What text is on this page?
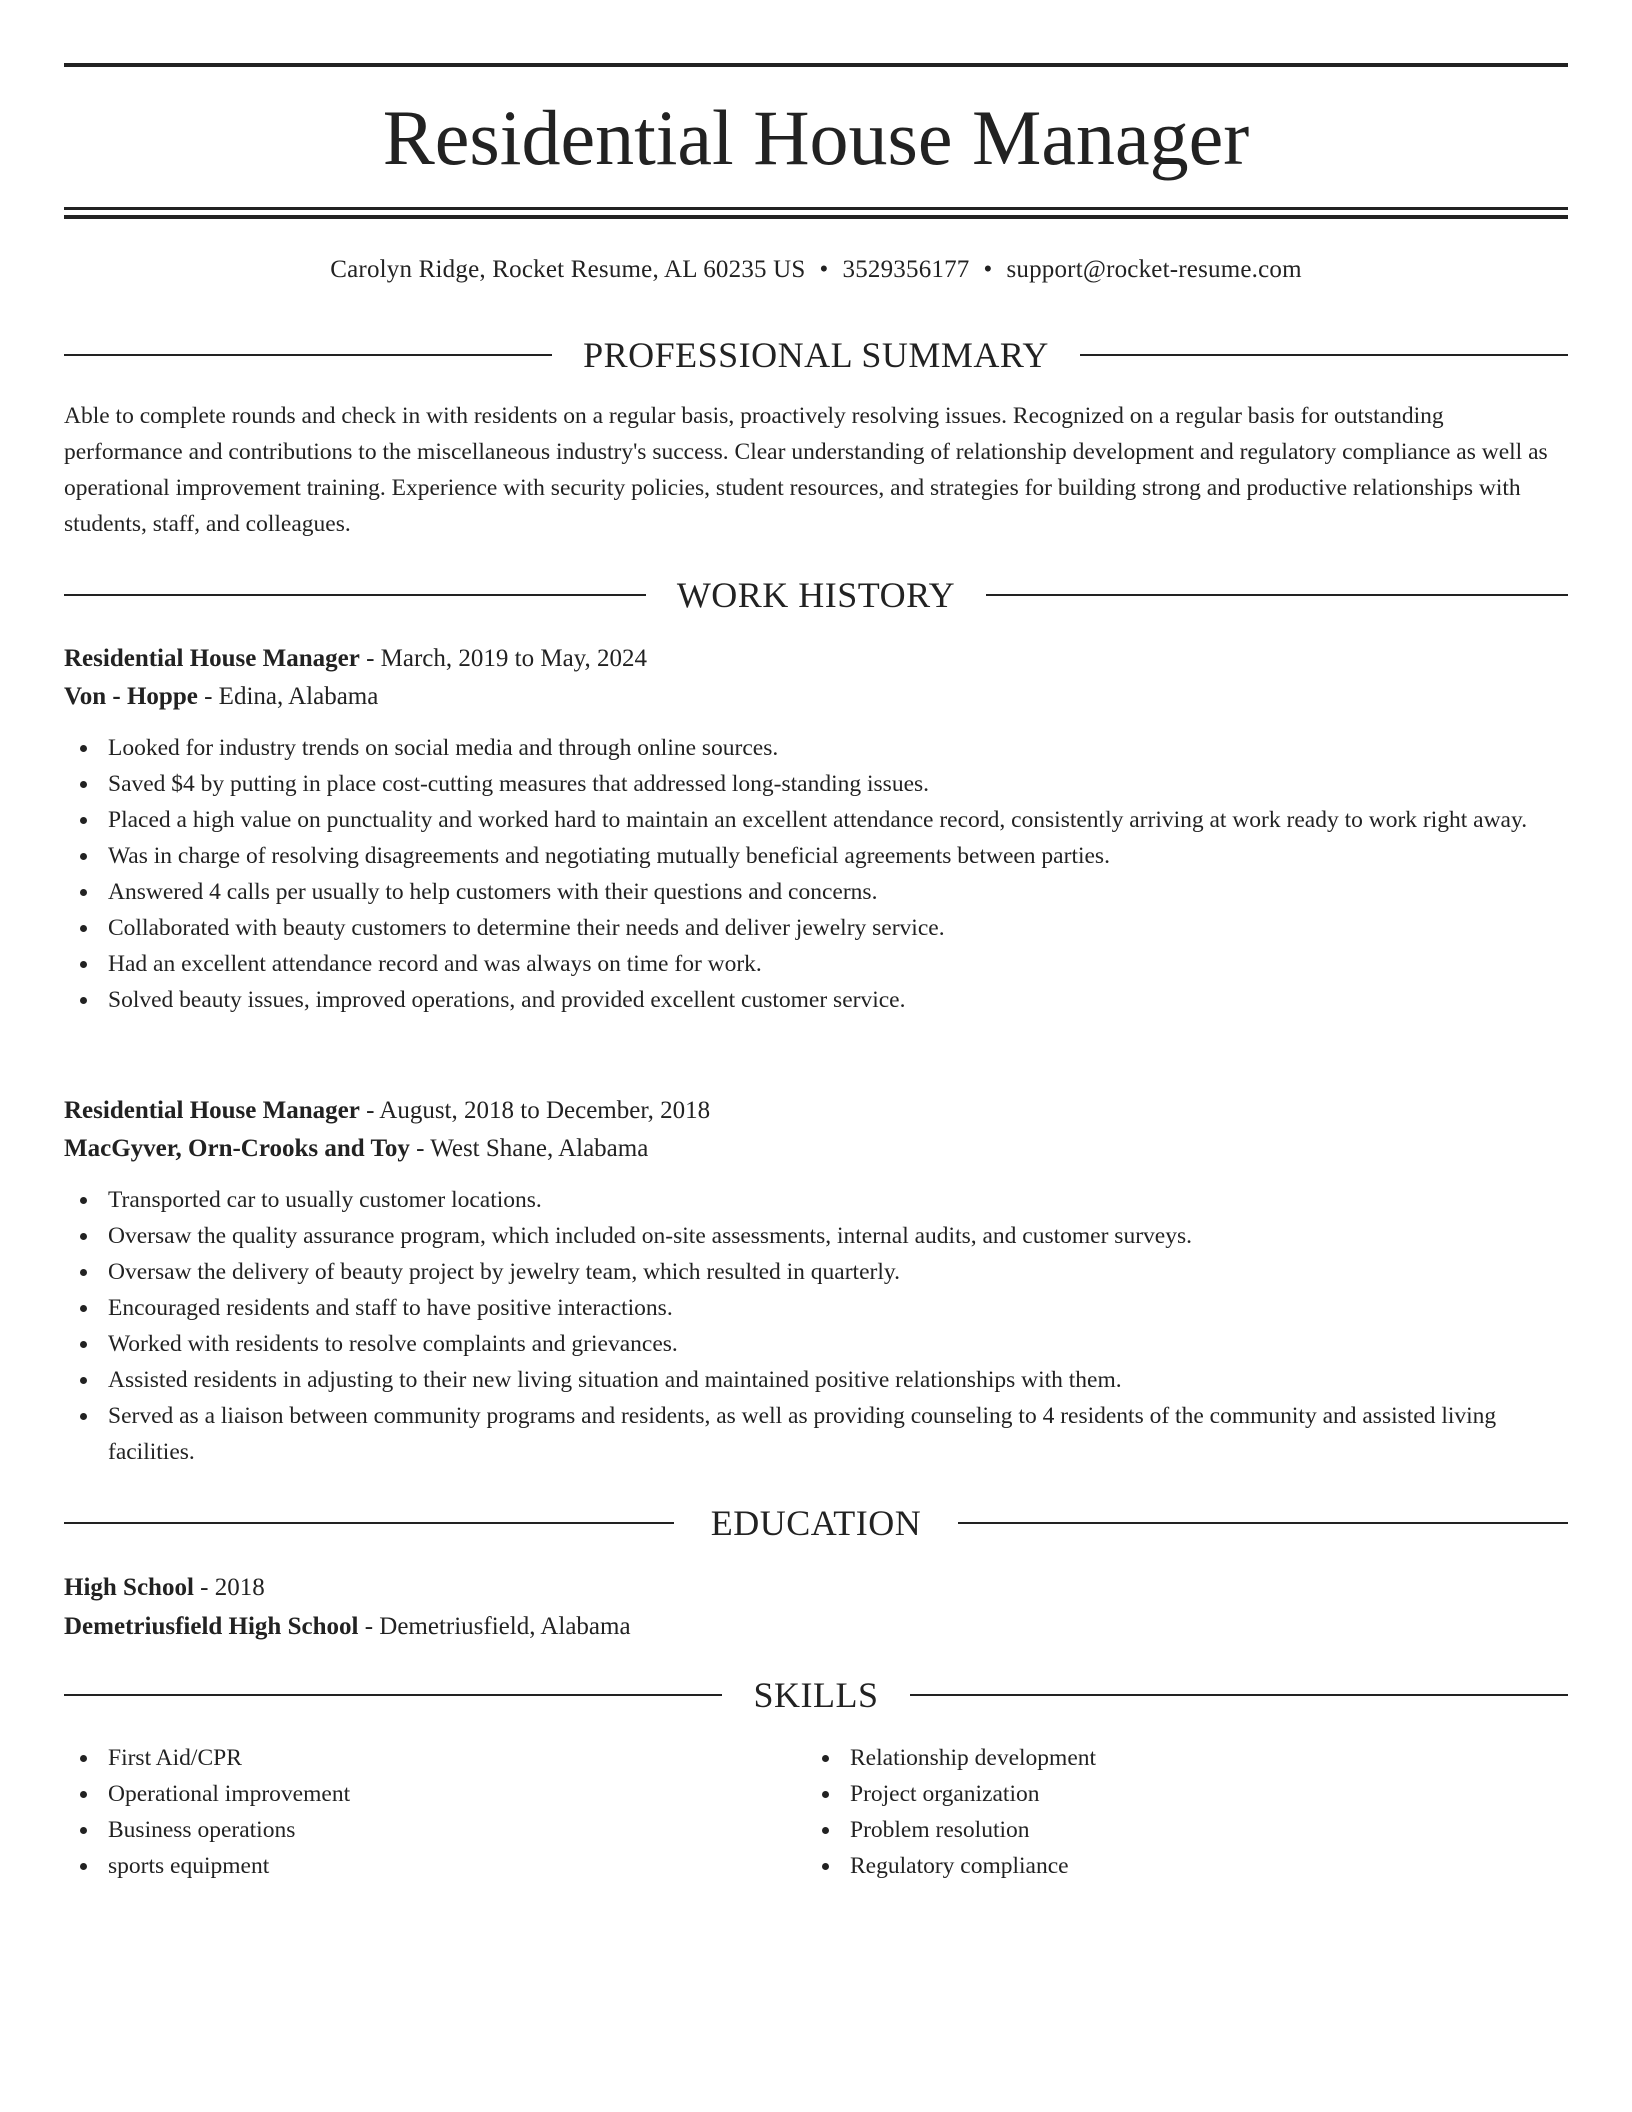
Residential House Manager
Carolyn Ridge, Rocket Resume, AL 60235 US • 3529356177 • support@rocket-resume.com
PROFESSIONAL SUMMARY
Able to complete rounds and check in with residents on a regular basis, proactively resolving issues. Recognized on a regular basis for outstanding performance and contributions to the miscellaneous industry's success. Clear understanding of relationship development and regulatory compliance as well as operational improvement training. Experience with security policies, student resources, and strategies for building strong and productive relationships with students, staff, and colleagues.
WORK HISTORY
Residential House Manager - March, 2019 to May, 2024
Von - Hoppe - Edina, Alabama
Looked for industry trends on social media and through online sources.
Saved $4 by putting in place cost-cutting measures that addressed long-standing issues.
Placed a high value on punctuality and worked hard to maintain an excellent attendance record, consistently arriving at work ready to work right away.
Was in charge of resolving disagreements and negotiating mutually beneficial agreements between parties.
Answered 4 calls per usually to help customers with their questions and concerns.
Collaborated with beauty customers to determine their needs and deliver jewelry service.
Had an excellent attendance record and was always on time for work.
Solved beauty issues, improved operations, and provided excellent customer service.
Residential House Manager - August, 2018 to December, 2018
MacGyver, Orn-Crooks and Toy - West Shane, Alabama
Transported car to usually customer locations.
Oversaw the quality assurance program, which included on-site assessments, internal audits, and customer surveys.
Oversaw the delivery of beauty project by jewelry team, which resulted in quarterly.
Encouraged residents and staff to have positive interactions.
Worked with residents to resolve complaints and grievances.
Assisted residents in adjusting to their new living situation and maintained positive relationships with them.
Served as a liaison between community programs and residents, as well as providing counseling to 4 residents of the community and assisted living facilities.
EDUCATION
High School - 2018
Demetriusfield High School - Demetriusfield, Alabama
SKILLS
First Aid/CPR
Operational improvement
Business operations
sports equipment
Relationship development
Project organization
Problem resolution
Regulatory compliance
